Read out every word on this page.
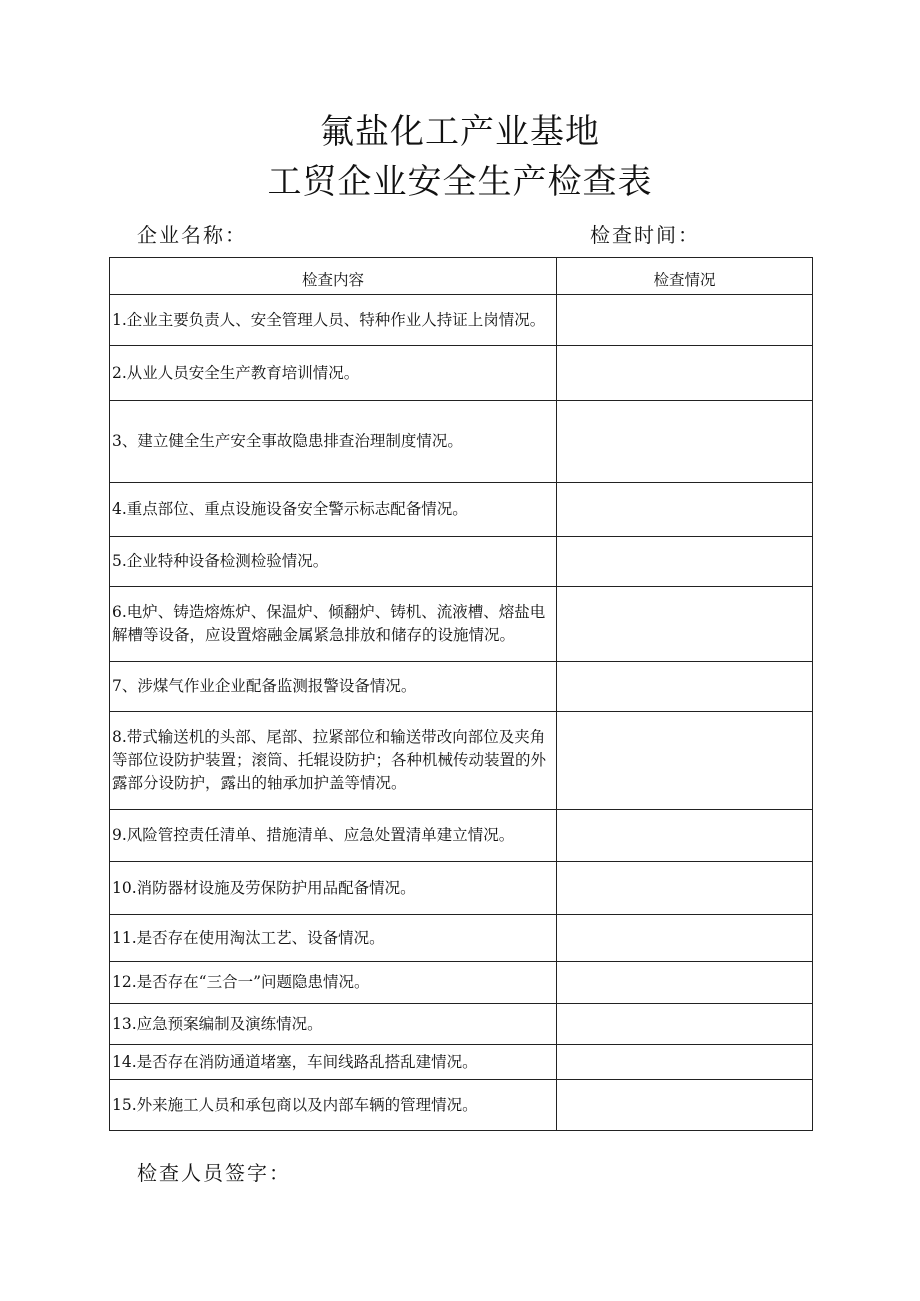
氟盐化工产业基地
工贸企业安全生产检查表
企业名称：	检查时间：
检查内容	检查情况
1.企业主要负责人、安全管理人员、特种作业人持证上岗情况。	
2.从业人员安全生产教育培训情况。	
3、建立健全生产安全事故隐患排查治理制度情况。	
4.重点部位、重点设施设备安全警示标志配备情况。	
5.企业特种设备检测检验情况。	
6.电炉、铸造熔炼炉、保温炉、倾翻炉、铸机、流液槽、熔盐电解槽等设备，应设置熔融金属紧急排放和储存的设施情况。	
7、涉煤气作业企业配备监测报警设备情况。	
8.带式输送机的头部、尾部、拉紧部位和输送带改向部位及夹角等部位设防护装置；滚筒、托辊设防护；各种机械传动装置的外露部分设防护，露出的轴承加护盖等情况。	
9.风险管控责任清单、措施清单、应急处置清单建立情况。	
10.消防器材设施及劳保防护用品配备情况。	
11.是否存在使用淘汰工艺、设备情况。	
12.是否存在“三合一”问题隐患情况。	
13.应急预案编制及演练情况。	
14.是否存在消防通道堵塞，车间线路乱搭乱建情况。	
15.外来施工人员和承包商以及内部车辆的管理情况。	
检查人员签字：
